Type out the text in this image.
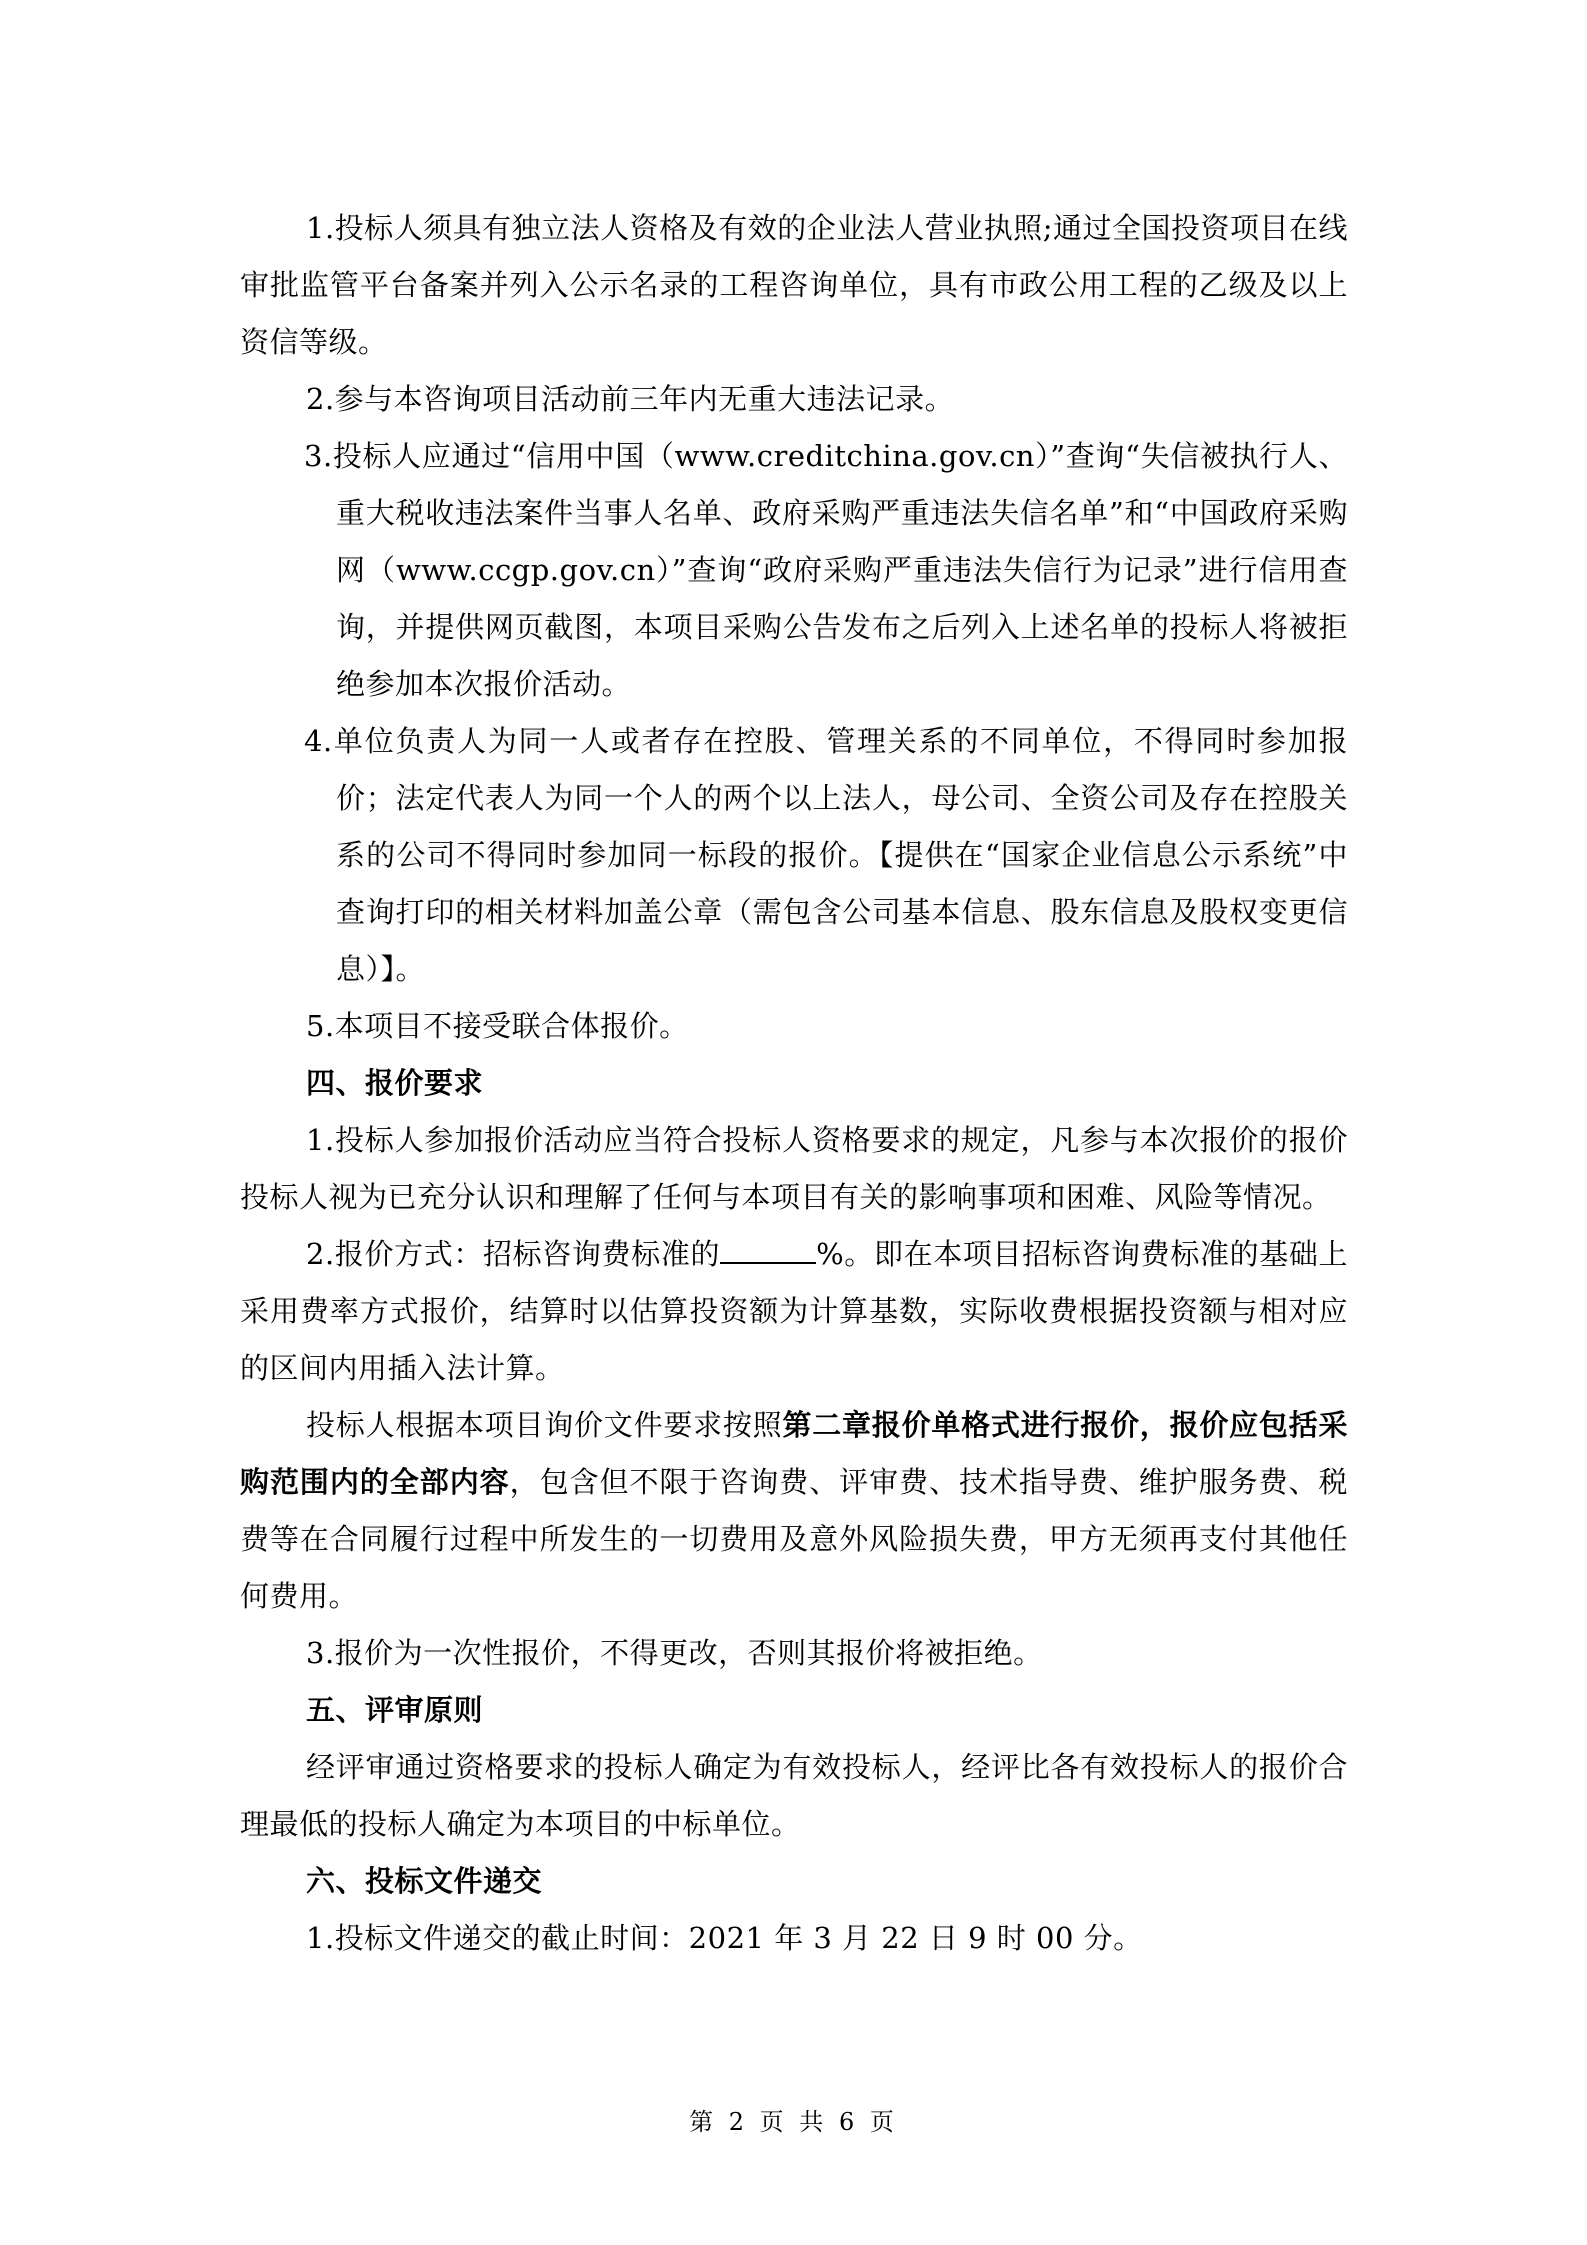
1.投标人须具有独立法人资格及有效的企业法人营业执照;通过全国投资项目在线审批监管平台备案并列入公示名录的工程咨询单位，具有市政公用工程的乙级及以上资信等级。

2.参与本咨询项目活动前三年内无重大违法记录。

3.投标人应通过“信用中国（www.creditchina.gov.cn）”查询“失信被执行人、重大税收违法案件当事人名单、政府采购严重违法失信名单”和“中国政府采购网（www.ccgp.gov.cn）”查询“政府采购严重违法失信行为记录”进行信用查询，并提供网页截图，本项目采购公告发布之后列入上述名单的投标人将被拒绝参加本次报价活动。

4.单位负责人为同一人或者存在控股、管理关系的不同单位，不得同时参加报价；法定代表人为同一个人的两个以上法人，母公司、全资公司及存在控股关系的公司不得同时参加同一标段的报价。【提供在“国家企业信息公示系统”中查询打印的相关材料加盖公章（需包含公司基本信息、股东信息及股权变更信息）】。

5.本项目不接受联合体报价。

四、报价要求

1.投标人参加报价活动应当符合投标人资格要求的规定，凡参与本次报价的报价投标人视为已充分认识和理解了任何与本项目有关的影响事项和困难、风险等情况。

2.报价方式：招标咨询费标准的	%。即在本项目招标咨询费标准的基础上采用费率方式报价，结算时以估算投资额为计算基数，实际收费根据投资额与相对应的区间内用插入法计算。

投标人根据本项目询价文件要求按照第二章报价单格式进行报价，报价应包括采购范围内的全部内容，包含但不限于咨询费、评审费、技术指导费、维护服务费、税费等在合同履行过程中所发生的一切费用及意外风险损失费，甲方无须再支付其他任何费用。

3.报价为一次性报价，不得更改，否则其报价将被拒绝。

五、评审原则

经评审通过资格要求的投标人确定为有效投标人，经评比各有效投标人的报价合理最低的投标人确定为本项目的中标单位。

六、投标文件递交

1.投标文件递交的截止时间：2021 年 3 月 22 日 9 时 00 分。

第 2 页 共 6 页
